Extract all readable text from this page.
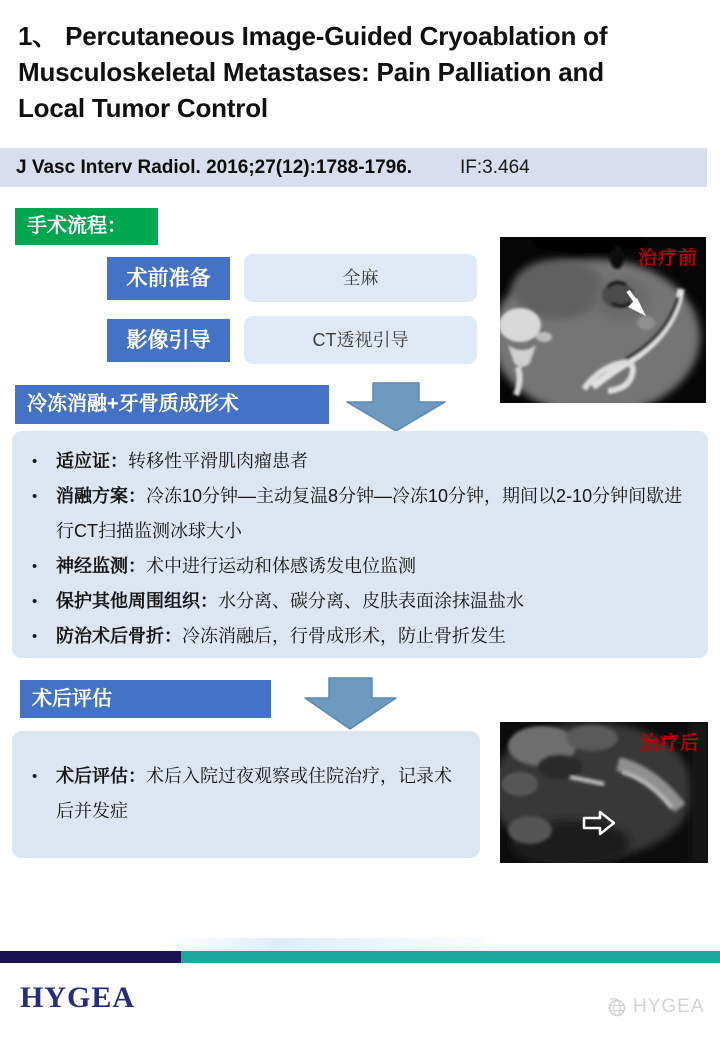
1、 Percutaneous Image-Guided Cryoablation of
Musculoskeletal Metastases: Pain Palliation and
Local Tumor Control
J Vasc Interv Radiol. 2016;27(12):1788-1796.	IF:3.464
手术流程：
术前准备	全麻
影像引导	CT透视引导
冷冻消融+牙骨质成形术
• 适应证：转移性平滑肌肉瘤患者
• 消融方案：冷冻10分钟—主动复温8分钟—冷冻10分钟，期间以2-10分钟间歇进行CT扫描监测冰球大小
• 神经监测：术中进行运动和体感诱发电位监测
• 保护其他周围组织：水分离、碳分离、皮肤表面涂抹温盐水
• 防治术后骨折：冷冻消融后，行骨成形术，防止骨折发生
术后评估
• 术后评估：术后入院过夜观察或住院治疗，记录术后并发症
治疗前
治疗后
HYGEA	HYGEA
